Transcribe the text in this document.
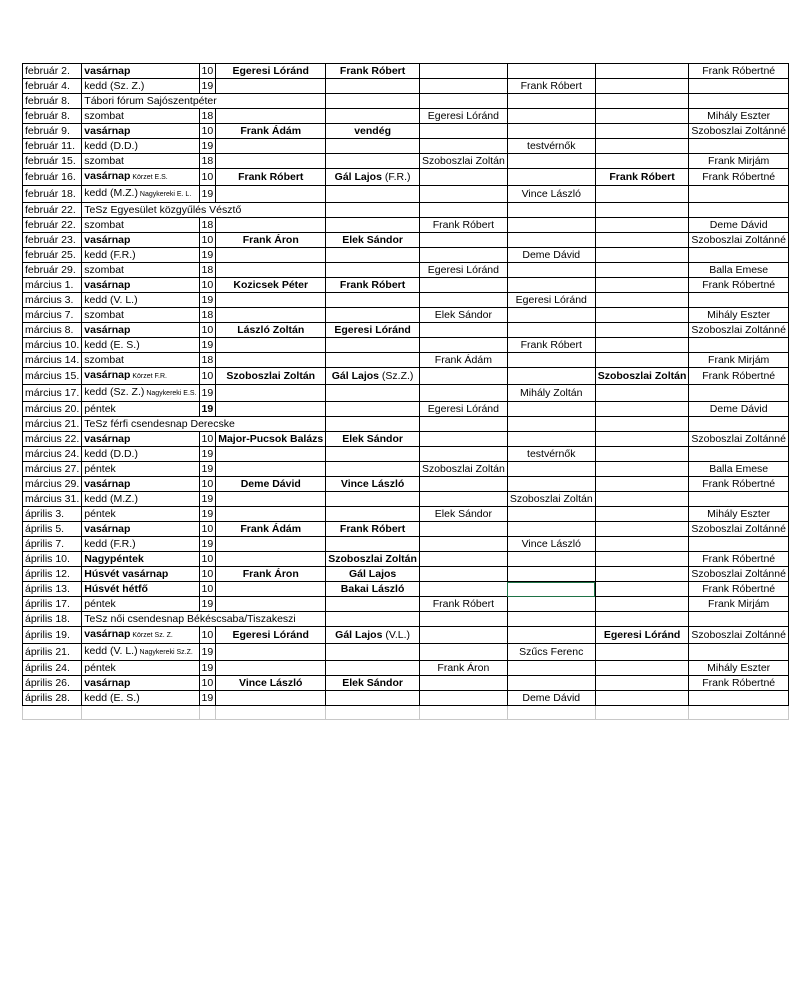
február 2.	vasárnap	10	Egeresi Lóránd	Frank Róbert				Frank Róbertné
február 4.	kedd (Sz. Z.)	19				Frank Róbert		
február 8.	Tábori fórum Sajószentpéter							
február 8.	szombat	18			Egeresi Lóránd			Mihály Eszter
február 9.	vasárnap	10	Frank Ádám	vendég				Szoboszlai Zoltánné
február 11.	kedd (D.D.)	19				testvérnők		
február 15.	szombat	18			Szoboszlai Zoltán			Frank Mirjám
február 16.	vasárnap Körzet E.S.	10	Frank Róbert	Gál Lajos (F.R.)			Frank Róbert	Frank Róbertné
február 18.	kedd (M.Z.) Nagykereki E. L.	19				Vince László		
február 22.	TeSz Egyesület közgyűlés Vésztő							
február 22.	szombat	18			Frank Róbert			Deme Dávid
február 23.	vasárnap	10	Frank Áron	Elek Sándor				Szoboszlai Zoltánné
február 25.	kedd (F.R.)	19				Deme Dávid		
február 29.	szombat	18			Egeresi Lóránd			Balla Emese
március 1.	vasárnap	10	Kozicsek Péter	Frank Róbert				Frank Róbertné
március 3.	kedd (V. L.)	19				Egeresi Lóránd		
március 7.	szombat	18			Elek Sándor			Mihály Eszter
március 8.	vasárnap	10	László Zoltán	Egeresi Lóránd				Szoboszlai Zoltánné
március 10.	kedd (E. S.)	19				Frank Róbert		
március 14.	szombat	18			Frank Ádám			Frank Mirjám
március 15.	vasárnap Körzet F.R.	10	Szoboszlai Zoltán	Gál Lajos (Sz.Z.)			Szoboszlai Zoltán	Frank Róbertné
március 17.	kedd (Sz. Z.) Nagykereki E.S.	19				Mihály Zoltán		
március 20.	péntek	19			Egeresi Lóránd			Deme Dávid
március 21.	TeSz férfi csendesnap Derecske							
március 22.	vasárnap	10	Major-Pucsok Balázs	Elek Sándor				Szoboszlai Zoltánné
március 24.	kedd (D.D.)	19				testvérnők		
március 27.	péntek	19			Szoboszlai Zoltán			Balla Emese
március 29.	vasárnap	10	Deme Dávid	Vince László				Frank Róbertné
március 31.	kedd (M.Z.)	19				Szoboszlai Zoltán		
április 3.	péntek	19			Elek Sándor			Mihály Eszter
április 5.	vasárnap	10	Frank Ádám	Frank Róbert				Szoboszlai Zoltánné
április 7.	kedd (F.R.)	19				Vince László		
április 10.	Nagypéntek	10		Szoboszlai Zoltán				Frank Róbertné
április 12.	Húsvét vasárnap	10	Frank Áron	Gál Lajos				Szoboszlai Zoltánné
április 13.	Húsvét hétfő	10		Bakai László				Frank Róbertné
április 17.	péntek	19			Frank Róbert			Frank Mirjám
április 18.	TeSz női csendesnap Békéscsaba/Tiszakeszi							
április 19.	vasárnap Körzet Sz. Z.	10	Egeresi Lóránd	Gál Lajos (V.L.)			Egeresi Lóránd	Szoboszlai Zoltánné
április 21.	kedd (V. L.) Nagykereki Sz.Z.	19				Szűcs Ferenc		
április 24.	péntek	19			Frank Áron			Mihály Eszter
április 26.	vasárnap	10	Vince László	Elek Sándor				Frank Róbertné
április 28.	kedd (E. S.)	19				Deme Dávid		
